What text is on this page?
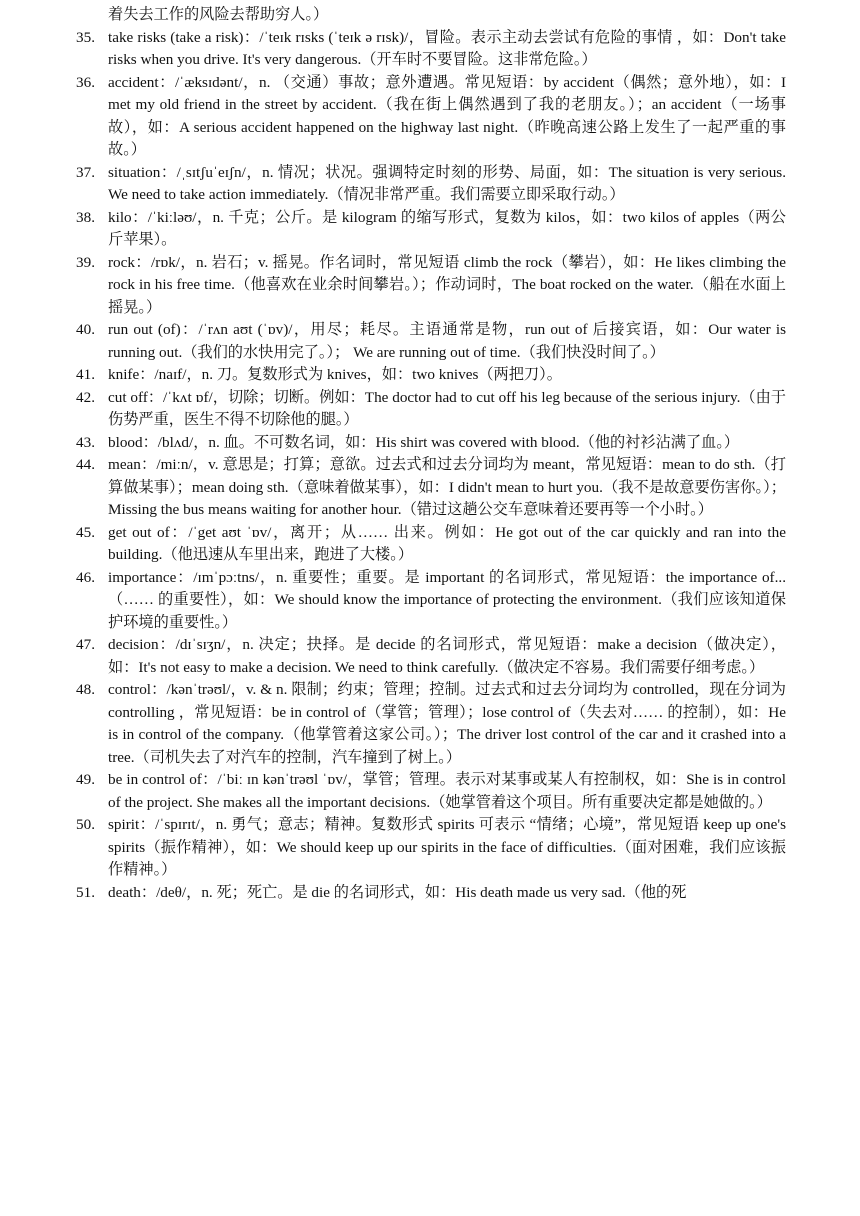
着失去工作的风险去帮助穷人。）

35. take risks (take a risk)：/ˈteɪk rɪsks (ˈteɪk ə rɪsk)/，冒险。表示主动去尝试有危险的事情 ，如：Don't take risks when you drive. It's very dangerous.（开车时不要冒险。这非常危险。）
36. accident：/ˈæksɪdənt/，n. （交通）事故；意外遭遇。常见短语：by accident（偶然；意外地），如：I met my old friend in the street by accident.（我在街上偶然遇到了我的老朋友。）；an accident（一场事故），如：A serious accident happened on the highway last night.（昨晚高速公路上发生了一起严重的事故。）
37. situation：/ˌsɪtʃuˈeɪʃn/，n. 情况；状况。强调特定时刻的形势、局面，如：The situation is very serious. We need to take action immediately.（情况非常严重。我们需要立即采取行动。）
38. kilo：/ˈkiːləʊ/，n. 千克；公斤。是 kilogram 的缩写形式，复数为 kilos，如：two kilos of apples（两公斤苹果）。
39. rock：/rɒk/，n. 岩石；v. 摇晃。作名词时，常见短语 climb the rock（攀岩），如：He likes climbing the rock in his free time.（他喜欢在业余时间攀岩。）；作动词时，The boat rocked on the water.（船在水面上摇晃。）
40. run out (of)：/ˈrʌn aʊt (ˈɒv)/，用尽；耗尽。主语通常是物，run out of 后接宾语，如：Our water is running out.（我们的水快用完了。）； We are running out of time.（我们快没时间了。）
41. knife：/naɪf/，n. 刀。复数形式为 knives，如：two knives（两把刀）。
42. cut off：/ˈkʌt ɒf/，切除；切断。例如：The doctor had to cut off his leg because of the serious injury.（由于伤势严重，医生不得不切除他的腿。）
43. blood：/blʌd/，n. 血。不可数名词，如：His shirt was covered with blood.（他的衬衫沾满了血。）
44. mean：/miːn/，v. 意思是；打算；意欲。过去式和过去分词均为 meant，常见短语：mean to do sth.（打算做某事）；mean doing sth.（意味着做某事），如：I didn't mean to hurt you.（我不是故意要伤害你。）；Missing the bus means waiting for another hour.（错过这趟公交车意味着还要再等一个小时。）
45. get out of：/ˈget aʊt ˈɒv/，离开；从…… 出来。例如：He got out of the car quickly and ran into the building.（他迅速从车里出来，跑进了大楼。）
46. importance：/ɪmˈpɔːtns/，n. 重要性；重要。是 important 的名词形式，常见短语：the importance of...（…… 的重要性），如：We should know the importance of protecting the environment.（我们应该知道保护环境的重要性。）
47. decision：/dɪˈsɪʒn/，n. 决定；抉择。是 decide 的名词形式，常见短语：make a decision（做决定），如：It's not easy to make a decision. We need to think carefully.（做决定不容易。我们需要仔细考虑。）
48. control：/kənˈtrəʊl/，v. & n. 限制；约束；管理；控制。过去式和过去分词均为 controlled，现在分词为 controlling ，常见短语：be in control of（掌管；管理）；lose control of（失去对…… 的控制），如：He is in control of the company.（他掌管着这家公司。）；The driver lost control of the car and it crashed into a tree.（司机失去了对汽车的控制，汽车撞到了树上。）
49. be in control of：/ˈbiː ɪn kənˈtrəʊl ˈɒv/，掌管；管理。表示对某事或某人有控制权，如：She is in control of the project. She makes all the important decisions.（她掌管着这个项目。所有重要决定都是她做的。）
50. spirit：/ˈspɪrɪt/，n. 勇气；意志；精神。复数形式 spirits 可表示 “情绪；心境”，常见短语 keep up one's spirits（振作精神），如：We should keep up our spirits in the face of difficulties.（面对困难，我们应该振作精神。）
51. death：/deθ/，n. 死；死亡。是 die 的名词形式，如：His death made us very sad.（他的死
